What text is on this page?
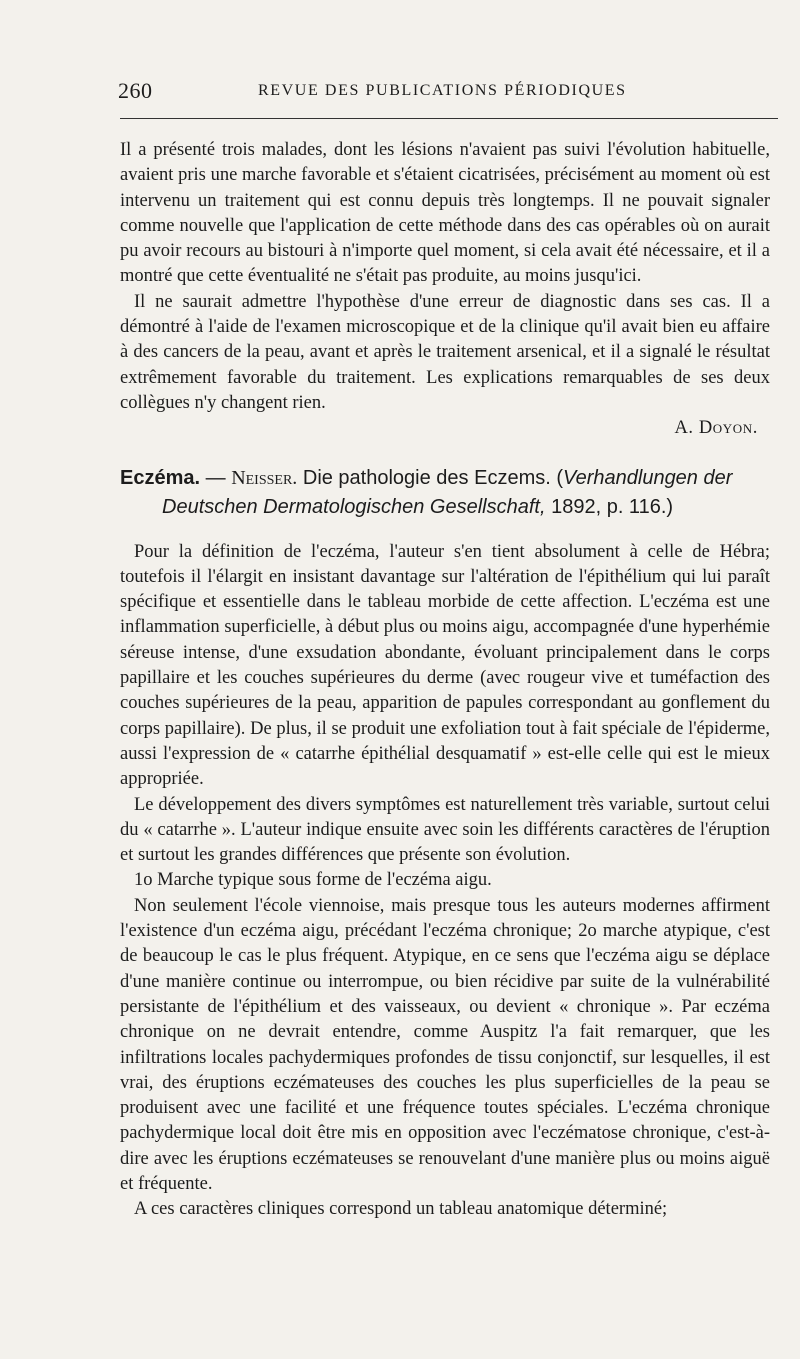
260	REVUE DES PUBLICATIONS PÉRIODIQUES

Il a présenté trois malades, dont les lésions n'avaient pas suivi l'évolution habituelle, avaient pris une marche favorable et s'étaient cicatrisées, précisément au moment où est intervenu un traitement qui est connu depuis très longtemps. Il ne pouvait signaler comme nouvelle que l'application de cette méthode dans des cas opérables où on aurait pu avoir recours au bistouri à n'importe quel moment, si cela avait été nécessaire, et il a montré que cette éventualité ne s'était pas produite, au moins jusqu'ici.

Il ne saurait admettre l'hypothèse d'une erreur de diagnostic dans ses cas. Il a démontré à l'aide de l'examen microscopique et de la clinique qu'il avait bien eu affaire à des cancers de la peau, avant et après le traitement arsenical, et il a signalé le résultat extrêmement favorable du traitement. Les explications remarquables de ses deux collègues n'y changent rien.

A. Doyon.

Eczéma. — Neisser. Die pathologie des Eczems. (Verhandlungen der
Deutschen Dermatologischen Gesellschaft, 1892, p. 116.)

Pour la définition de l'eczéma, l'auteur s'en tient absolument à celle de Hébra; toutefois il l'élargit en insistant davantage sur l'altération de l'épithélium qui lui paraît spécifique et essentielle dans le tableau morbide de cette affection. L'eczéma est une inflammation superficielle, à début plus ou moins aigu, accompagnée d'une hyperhémie séreuse intense, d'une exsudation abondante, évoluant principalement dans le corps papillaire et les couches supérieures du derme (avec rougeur vive et tuméfaction des couches supérieures de la peau, apparition de papules correspondant au gonflement du corps papillaire). De plus, il se produit une exfoliation tout à fait spéciale de l'épiderme, aussi l'expression de « catarrhe épithélial desquamatif » est-elle celle qui est le mieux appropriée.

Le développement des divers symptômes est naturellement très variable, surtout celui du « catarrhe ». L'auteur indique ensuite avec soin les différents caractères de l'éruption et surtout les grandes différences que présente son évolution.

1o Marche typique sous forme de l'eczéma aigu.

Non seulement l'école viennoise, mais presque tous les auteurs modernes affirment l'existence d'un eczéma aigu, précédant l'eczéma chronique; 2o marche atypique, c'est de beaucoup le cas le plus fréquent. Atypique, en ce sens que l'eczéma aigu se déplace d'une manière continue ou interrompue, ou bien récidive par suite de la vulnérabilité persistante de l'épithélium et des vaisseaux, ou devient « chronique ». Par eczéma chronique on ne devrait entendre, comme Auspitz l'a fait remarquer, que les infiltrations locales pachydermiques profondes de tissu conjonctif, sur lesquelles, il est vrai, des éruptions eczémateuses des couches les plus superficielles de la peau se produisent avec une facilité et une fréquence toutes spéciales. L'eczéma chronique pachydermique local doit être mis en opposition avec l'eczématose chronique, c'est-à-dire avec les éruptions eczémateuses se renouvelant d'une manière plus ou moins aiguë et fréquente.

A ces caractères cliniques correspond un tableau anatomique déterminé;
